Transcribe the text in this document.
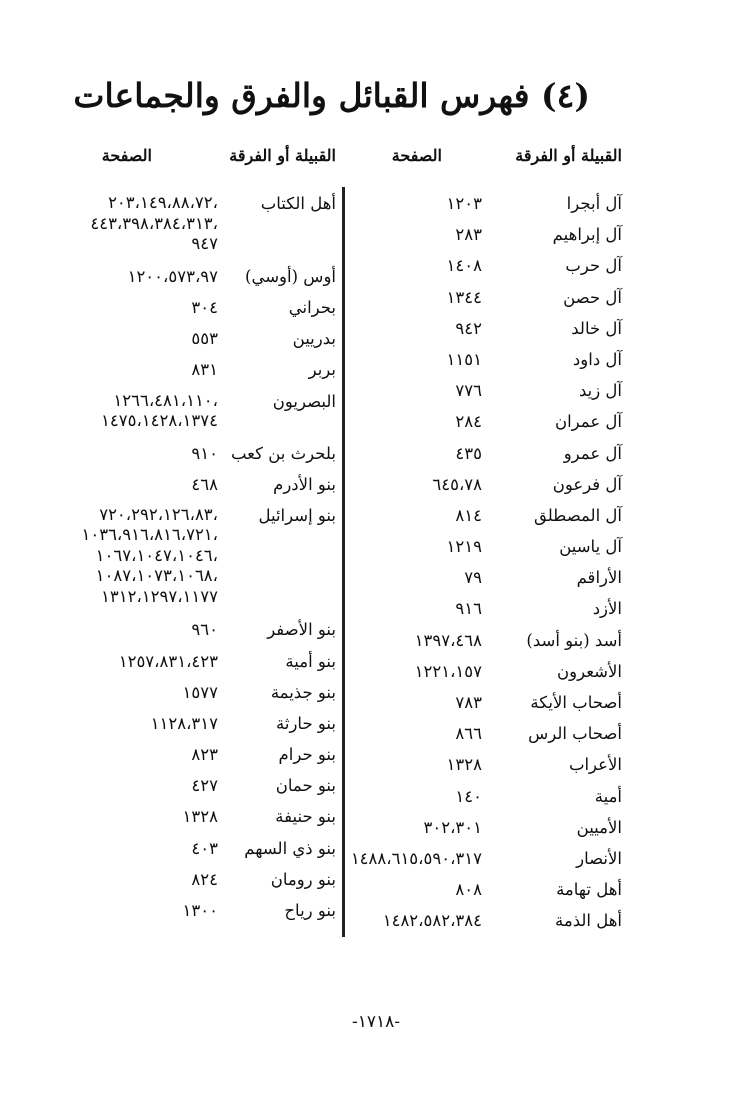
(٤) فهرس القبائل والفرق والجماعات
القبيلة أو الفرقة
الصفحة
القبيلة أو الفرقة
الصفحة
آل أبجرا
١٢٠٣
آل إبراهيم
٢٨٣
آل حرب
١٤٠٨
آل حصن
١٣٤٤
آل خالد
٩٤٢
آل داود
١١٥١
آل زيد
٧٧٦
آل عمران
٢٨٤
آل عمرو
٤٣٥
آل فرعون
٦٤٥،٧٨
آل المصطلق
٨١٤
آل ياسين
١٢١٩
الأراقم
٧٩
الأزد
٩١٦
أسد (بنو أسد)
١٣٩٧،٤٦٨
الأشعرون
١٢٢١،١٥٧
أصحاب الأيكة
٧٨٣
أصحاب الرس
٨٦٦
الأعراب
١٣٢٨
أمية
١٤٠
الأميين
٣٠٢،٣٠١
الأنصار
١٤٨٨،٦١٥،٥٩٠،٣١٧
أهل تهامة
٨٠٨
أهل الذمة
١٤٨٢،٥٨٢،٣٨٤
أهل الكتاب
،٢٠٣،١٤٩،٨٨،٧٢
،٤٤٣،٣٩٨،٣٨٤،٣١٣
٩٤٧
أوس (أوسي)
١٢٠٠،٥٧٣،٩٧
بحراني
٣٠٤
بدريين
٥٥٣
بربر
٨٣١
البصريون
،١٢٦٦،٤٨١،١١٠
١٤٧٥،١٤٢٨،١٣٧٤
بلحرث بن كعب
٩١٠
بنو الأدرم
٤٦٨
بنو إسرائيل
،٧٢٠،٢٩٢،١٢٦،٨٣
،١٠٣٦،٩١٦،٨١٦،٧٢١
،١٠٦٧،١٠٤٧،١٠٤٦
،١٠٨٧،١٠٧٣،١٠٦٨
١٣١٢،١٢٩٧،١١٧٧
بنو الأصفر
٩٦٠
بنو أمية
١٢٥٧،٨٣١،٤٢٣
بنو جذيمة
١٥٧٧
بنو حارثة
١١٢٨،٣١٧
بنو حرام
٨٢٣
بنو حمان
٤٢٧
بنو حنيفة
١٣٢٨
بنو ذي السهم
٤٠٣
بنو رومان
٨٢٤
بنو رياح
١٣٠٠
-١٧١٨-
